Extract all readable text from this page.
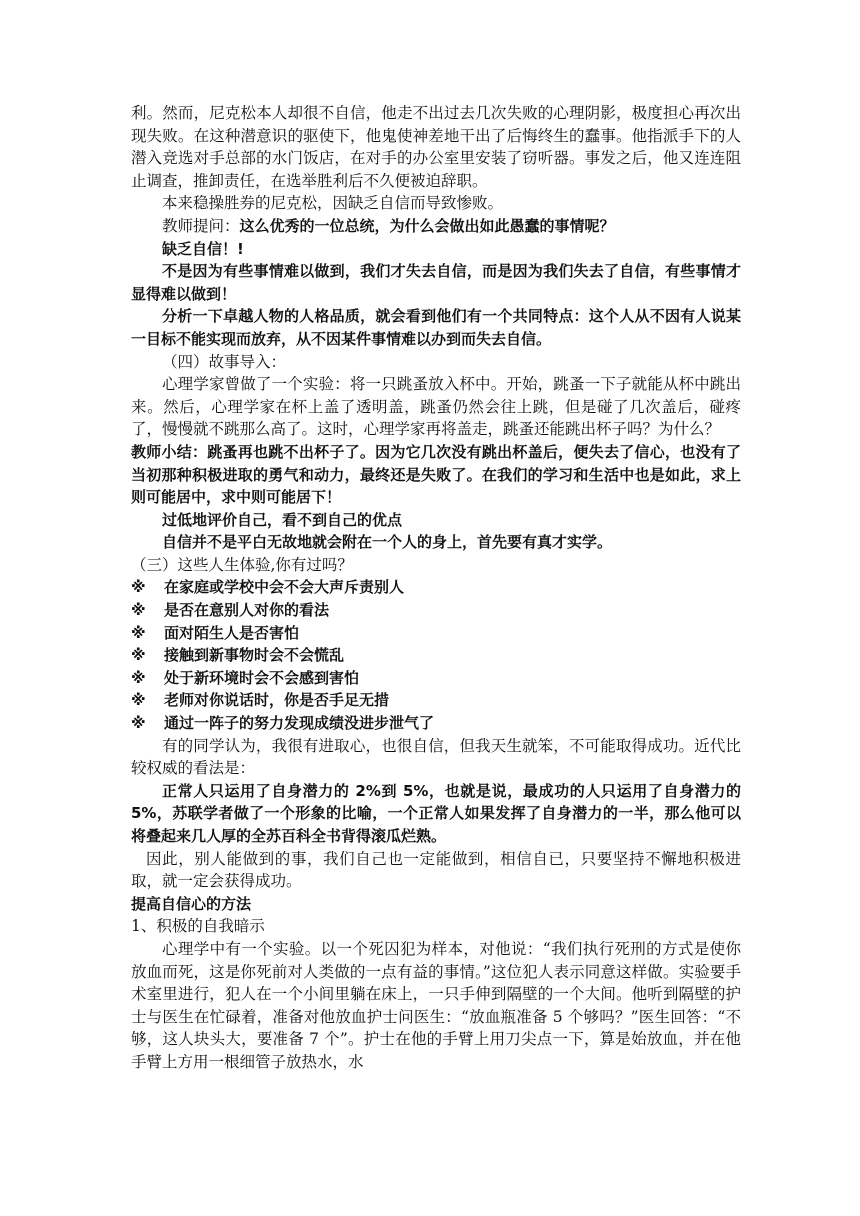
利。然而，尼克松本人却很不自信，他走不出过去几次失败的心理阴影，极度担心再次出现失败。在这种潜意识的驱使下，他鬼使神差地干出了后悔终生的蠢事。他指派手下的人潜入竞选对手总部的水门饭店，在对手的办公室里安装了窃听器。事发之后，他又连连阻止调查，推卸责任，在选举胜利后不久便被迫辞职。

本来稳操胜券的尼克松，因缺乏自信而导致惨败。

教师提问：这么优秀的一位总统，为什么会做出如此愚蠢的事情呢？

缺乏自信！!

不是因为有些事情难以做到，我们才失去自信，而是因为我们失去了自信，有些事情才显得难以做到！

分析一下卓越人物的人格品质，就会看到他们有一个共同特点：这个人从不因有人说某一目标不能实现而放弃，从不因某件事情难以办到而失去自信。

（四）故事导入：

心理学家曾做了一个实验：将一只跳蚤放入杯中。开始，跳蚤一下子就能从杯中跳出来。然后，心理学家在杯上盖了透明盖，跳蚤仍然会往上跳，但是碰了几次盖后，碰疼了，慢慢就不跳那么高了。这时，心理学家再将盖走，跳蚤还能跳出杯子吗？为什么？

教师小结：跳蚤再也跳不出杯子了。因为它几次没有跳出杯盖后，便失去了信心，也没有了当初那种积极进取的勇气和动力，最终还是失败了。在我们的学习和生活中也是如此，求上则可能居中，求中则可能居下！

过低地评价自己，看不到自己的优点

自信并不是平白无故地就会附在一个人的身上，首先要有真才实学。

（三）这些人生体验,你有过吗？

※	在家庭或学校中会不会大声斥责别人
※	是否在意别人对你的看法
※	面对陌生人是否害怕
※	接触到新事物时会不会慌乱
※	处于新环境时会不会感到害怕
※	老师对你说话时，你是否手足无措
※	通过一阵子的努力发现成绩没进步泄气了

有的同学认为，我很有进取心，也很自信，但我天生就笨，不可能取得成功。近代比较权威的看法是：

正常人只运用了自身潜力的 2%到 5%，也就是说，最成功的人只运用了自身潜力的 5%，苏联学者做了一个形象的比喻，一个正常人如果发挥了自身潜力的一半，那么他可以将叠起来几人厚的全苏百科全书背得滚瓜烂熟。

因此，别人能做到的事，我们自己也一定能做到，相信自已，只要坚持不懈地积极进取，就一定会获得成功。

提高自信心的方法

1、积极的自我暗示

心理学中有一个实验。以一个死囚犯为样本，对他说：“我们执行死刑的方式是使你放血而死，这是你死前对人类做的一点有益的事情。”这位犯人表示同意这样做。实验要手术室里进行，犯人在一个小间里躺在床上，一只手伸到隔壁的一个大间。他听到隔壁的护士与医生在忙碌着，准备对他放血护士问医生：“放血瓶准备 5 个够吗？”医生回答：“不够，这人块头大，要准备 7 个”。护士在他的手臂上用刀尖点一下，算是始放血，并在他手臂上方用一根细管子放热水，水
